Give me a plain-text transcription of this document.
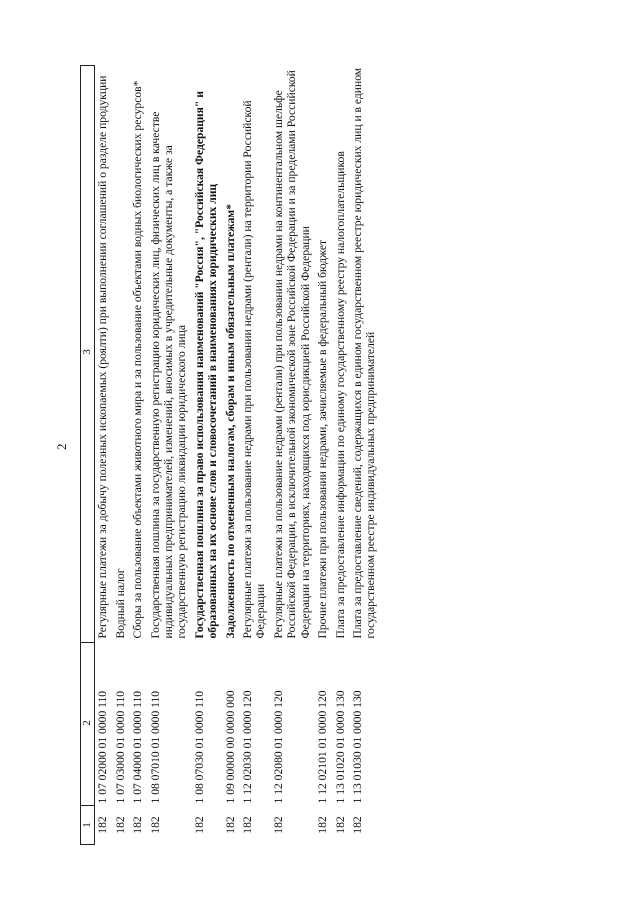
2
1	2	3
182	1 07 02000 01 0000 110	Регулярные платежи за добычу полезных ископаемых (роялти) при выполнении соглашений о разделе продукции
182	1 07 03000 01 0000 110	Водный налог
182	1 07 04000 01 0000 110	Сборы за пользование объектами животного мира и за пользование объектами водных биологических ресурсов*
182	1 08 07010 01 0000 110	Государственная пошлина за государственную регистрацию юридических лиц, физических лиц в качестве индивидуальных предпринимателей, изменений, вносимых в учредительные документы, а также за государственную регистрацию ликвидации юридического лица
182	1 08 07030 01 0000 110	Государственная пошлина за право использования наименований "Россия", "Российская Федерация" и образованных на их основе слов и словосочетаний в наименованиях юридических лиц
182	1 09 00000 00 0000 000	Задолженность по отмененным налогам, сборам и иным обязательным платежам*
182	1 12 02030 01 0000 120	Регулярные платежи за пользование недрами при пользовании недрами (рентали) на территории Российской Федерации
182	1 12 02080 01 0000 120	Регулярные платежи за пользование недрами (рентали) при пользовании недрами на континентальном шельфе Российской Федерации, в исключительной экономической зоне Российской Федерации и за пределами Российской Федерации на территориях, находящихся под юрисдикцией Российской Федерации
182	1 12 02101 01 0000 120	Прочие платежи при пользовании недрами, зачисляемые в федеральный бюджет
182	1 13 01020 01 0000 130	Плата за предоставление информации по единому государственному реестру налогоплательщиков
182	1 13 01030 01 0000 130	Плата за предоставление сведений, содержащихся в едином государственном реестре юридических лиц и в едином государственном реестре индивидуальных предпринимателей
